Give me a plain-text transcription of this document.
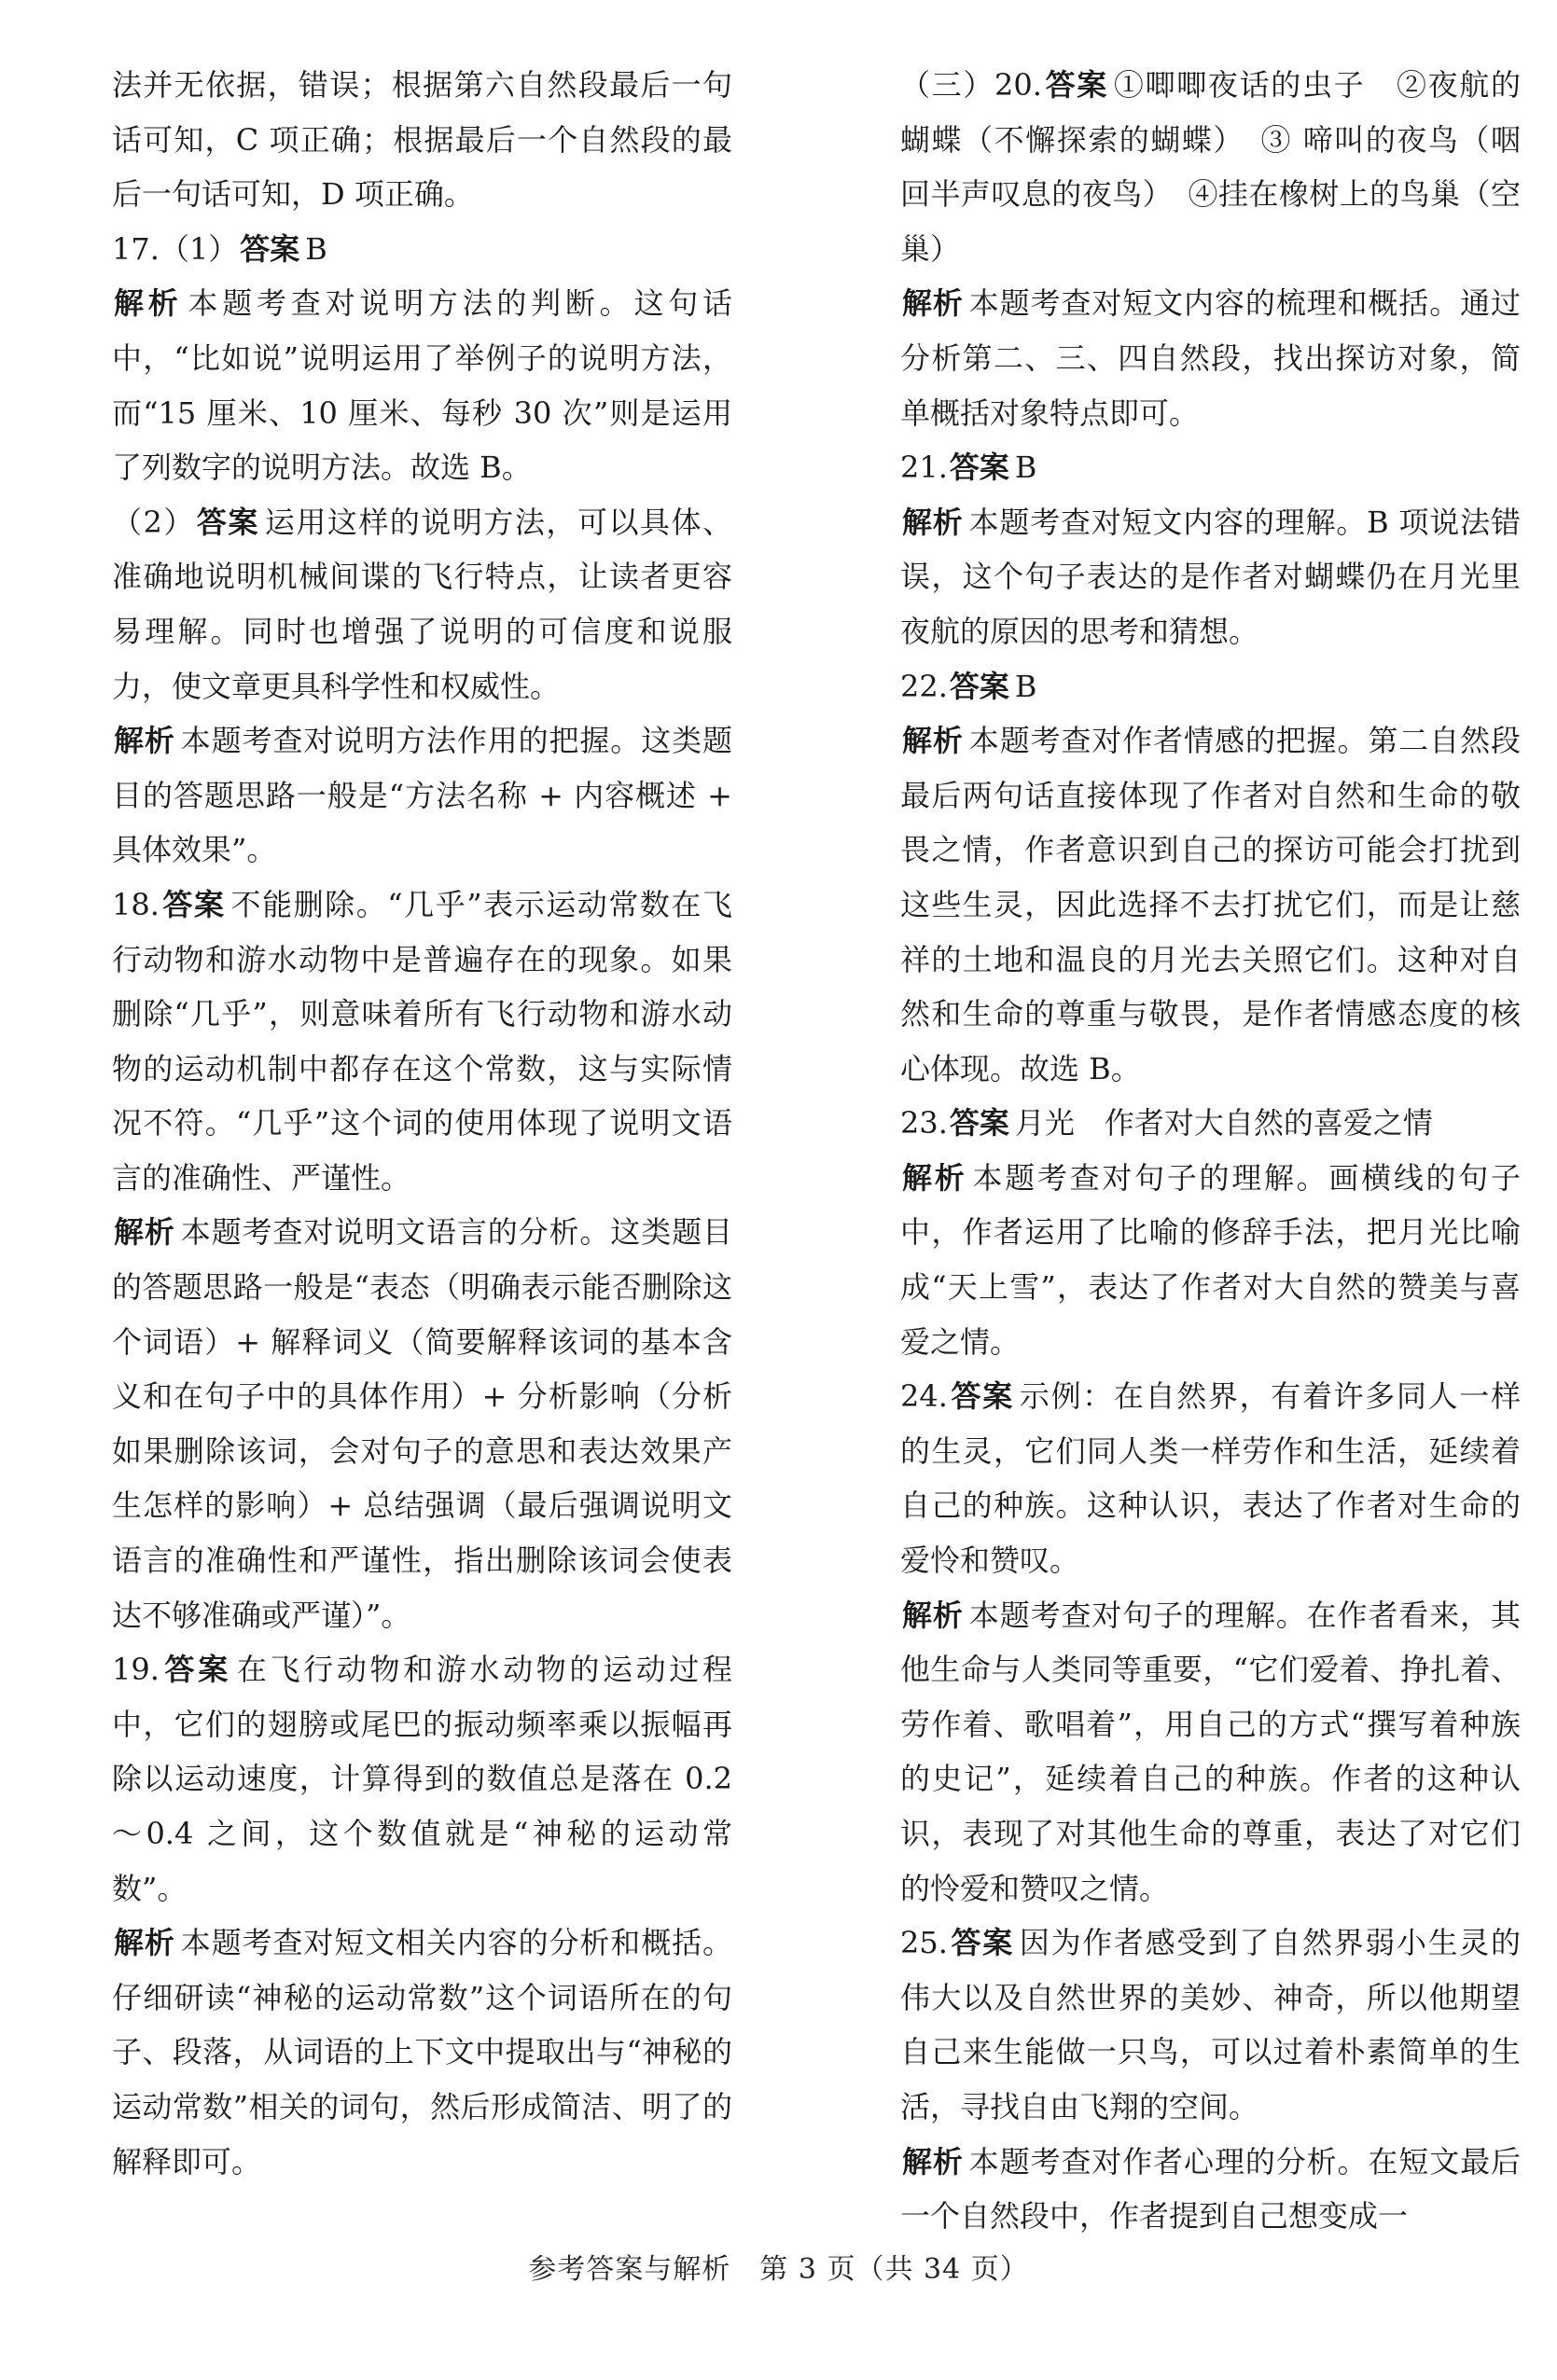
法并无依据，错误；根据第六自然段最后一句话可知，C 项正确；根据最后一个自然段的最后一句话可知，D 项正确。

17.（1）答案 B

解析 本题考查对说明方法的判断。这句话中，“比如说”说明运用了举例子的说明方法，而“15 厘米、10 厘米、每秒 30 次”则是运用了列数字的说明方法。故选 B。

（2）答案 运用这样的说明方法，可以具体、准确地说明机械间谍的飞行特点，让读者更容易理解。同时也增强了说明的可信度和说服力，使文章更具科学性和权威性。

解析 本题考查对说明方法作用的把握。这类题目的答题思路一般是“方法名称 + 内容概述 + 具体效果”。

18.答案 不能删除。“几乎”表示运动常数在飞行动物和游水动物中是普遍存在的现象。如果删除“几乎”，则意味着所有飞行动物和游水动物的运动机制中都存在这个常数，这与实际情况不符。“几乎”这个词的使用体现了说明文语言的准确性、严谨性。

解析 本题考查对说明文语言的分析。这类题目的答题思路一般是“表态（明确表示能否删除这个词语）+ 解释词义（简要解释该词的基本含义和在句子中的具体作用）+ 分析影响（分析如果删除该词，会对句子的意思和表达效果产生怎样的影响）+ 总结强调（最后强调说明文语言的准确性和严谨性，指出删除该词会使表达不够准确或严谨）”。

19.答案 在飞行动物和游水动物的运动过程中，它们的翅膀或尾巴的振动频率乘以振幅再除以运动速度，计算得到的数值总是落在 0.2～0.4 之间，这个数值就是“神秘的运动常数”。

解析 本题考查对短文相关内容的分析和概括。仔细研读“神秘的运动常数”这个词语所在的句子、段落，从词语的上下文中提取出与“神秘的运动常数”相关的词句，然后形成简洁、明了的解释即可。

（三）20.答案 ①唧唧夜话的虫子　②夜航的蝴蝶（不懈探索的蝴蝶）　③ 啼叫的夜鸟（咽回半声叹息的夜鸟）　④挂在橡树上的鸟巢（空巢）

解析 本题考查对短文内容的梳理和概括。通过分析第二、三、四自然段，找出探访对象，简单概括对象特点即可。

21.答案 B

解析 本题考查对短文内容的理解。B 项说法错误，这个句子表达的是作者对蝴蝶仍在月光里夜航的原因的思考和猜想。

22.答案 B

解析 本题考查对作者情感的把握。第二自然段最后两句话直接体现了作者对自然和生命的敬畏之情，作者意识到自己的探访可能会打扰到这些生灵，因此选择不去打扰它们，而是让慈祥的土地和温良的月光去关照它们。这种对自然和生命的尊重与敬畏，是作者情感态度的核心体现。故选 B。

23.答案 月光　作者对大自然的喜爱之情

解析 本题考查对句子的理解。画横线的句子中，作者运用了比喻的修辞手法，把月光比喻成“天上雪”，表达了作者对大自然的赞美与喜爱之情。

24.答案 示例：在自然界，有着许多同人一样的生灵，它们同人类一样劳作和生活，延续着自己的种族。这种认识，表达了作者对生命的爱怜和赞叹。

解析 本题考查对句子的理解。在作者看来，其他生命与人类同等重要，“它们爱着、挣扎着、劳作着、歌唱着”，用自己的方式“撰写着种族的史记”，延续着自己的种族。作者的这种认识，表现了对其他生命的尊重，表达了对它们的怜爱和赞叹之情。

25.答案 因为作者感受到了自然界弱小生灵的伟大以及自然世界的美妙、神奇，所以他期望自己来生能做一只鸟，可以过着朴素简单的生活，寻找自由飞翔的空间。

解析 本题考查对作者心理的分析。在短文最后一个自然段中，作者提到自己想变成一

参考答案与解析　第 3 页（共 34 页）
